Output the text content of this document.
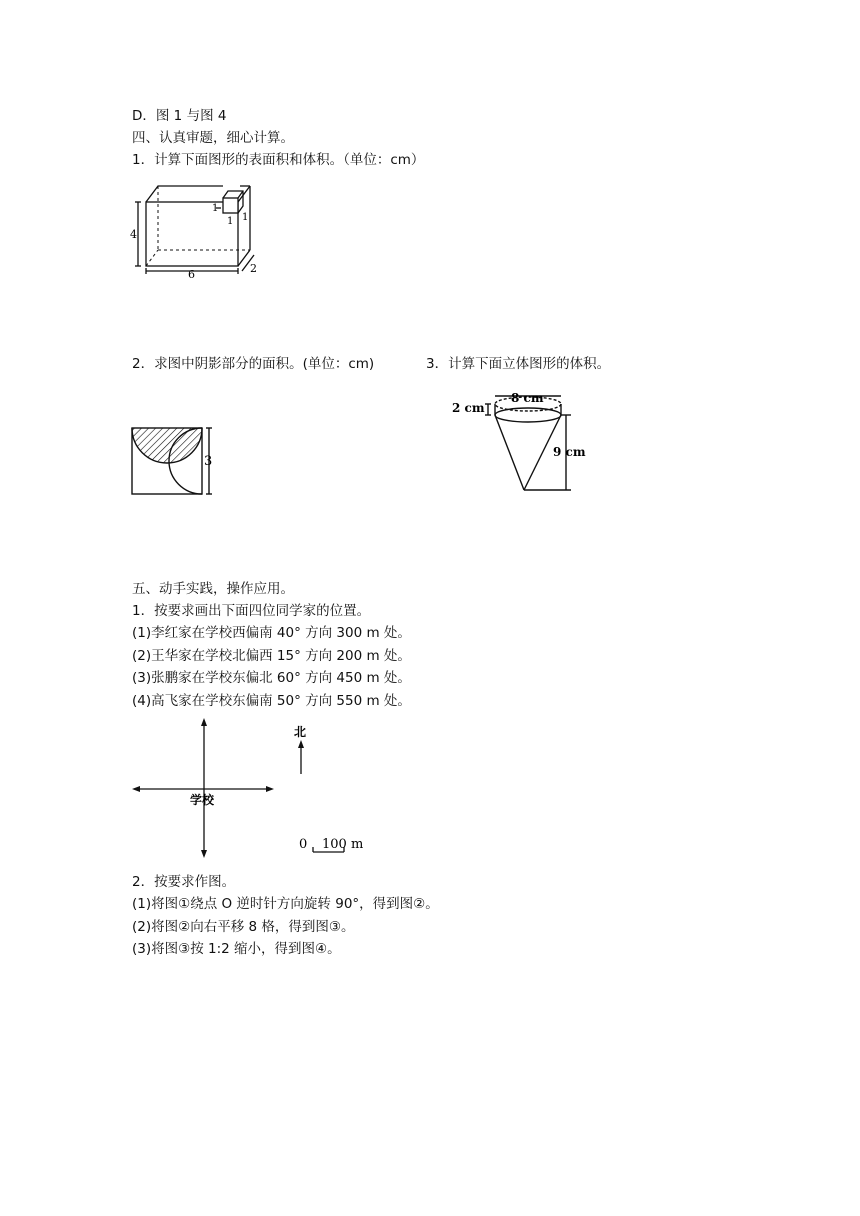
D．图 1 与图 4
四、认真审题，细心计算。
1．计算下面图形的表面积和体积。（单位：cm）
4
6	2
1 1
1
2．求图中阴影部分的面积。(单位：cm)	3．计算下面立体图形的体积。
3
8 cm
2 cm
9 cm
五、动手实践，操作应用。
1．按要求画出下面四位同学家的位置。
(1)李红家在学校西偏南 40° 方向 300 m 处。
(2)王华家在学校北偏西 15° 方向 200 m 处。
(3)张鹏家在学校东偏北 60° 方向 450 m 处。
(4)高飞家在学校东偏南 50° 方向 550 m 处。
学校
北
0 100 m
2．按要求作图。
(1)将图①绕点 O 逆时针方向旋转 90°，得到图②。
(2)将图②向右平移 8 格，得到图③。
(3)将图③按 1:2 缩小，得到图④。
